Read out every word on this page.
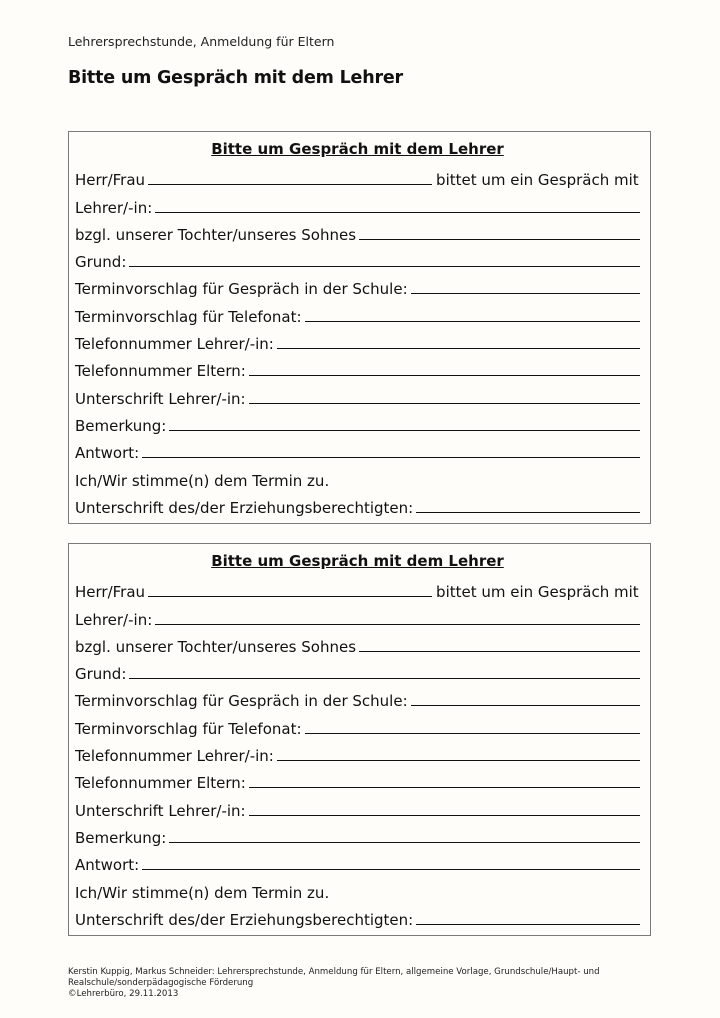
Lehrersprechstunde, Anmeldung für Eltern
Bitte um Gespräch mit dem Lehrer
Bitte um Gespräch mit dem Lehrer
Herr/Frau	bittet um ein Gespräch mit
Lehrer/-in:
bzgl. unserer Tochter/unseres Sohnes
Grund:
Terminvorschlag für Gespräch in der Schule:
Terminvorschlag für Telefonat:
Telefonnummer Lehrer/-in:
Telefonnummer Eltern:
Unterschrift Lehrer/-in:
Bemerkung:
Antwort:
Ich/Wir stimme(n) dem Termin zu.
Unterschrift des/der Erziehungsberechtigten:
Bitte um Gespräch mit dem Lehrer
Herr/Frau	bittet um ein Gespräch mit
Lehrer/-in:
bzgl. unserer Tochter/unseres Sohnes
Grund:
Terminvorschlag für Gespräch in der Schule:
Terminvorschlag für Telefonat:
Telefonnummer Lehrer/-in:
Telefonnummer Eltern:
Unterschrift Lehrer/-in:
Bemerkung:
Antwort:
Ich/Wir stimme(n) dem Termin zu.
Unterschrift des/der Erziehungsberechtigten:
Kerstin Kuppig, Markus Schneider: Lehrersprechstunde, Anmeldung für Eltern, allgemeine Vorlage, Grundschule/Haupt- und
Realschule/sonderpädagogische Förderung
©Lehrerbüro, 29.11.2013
